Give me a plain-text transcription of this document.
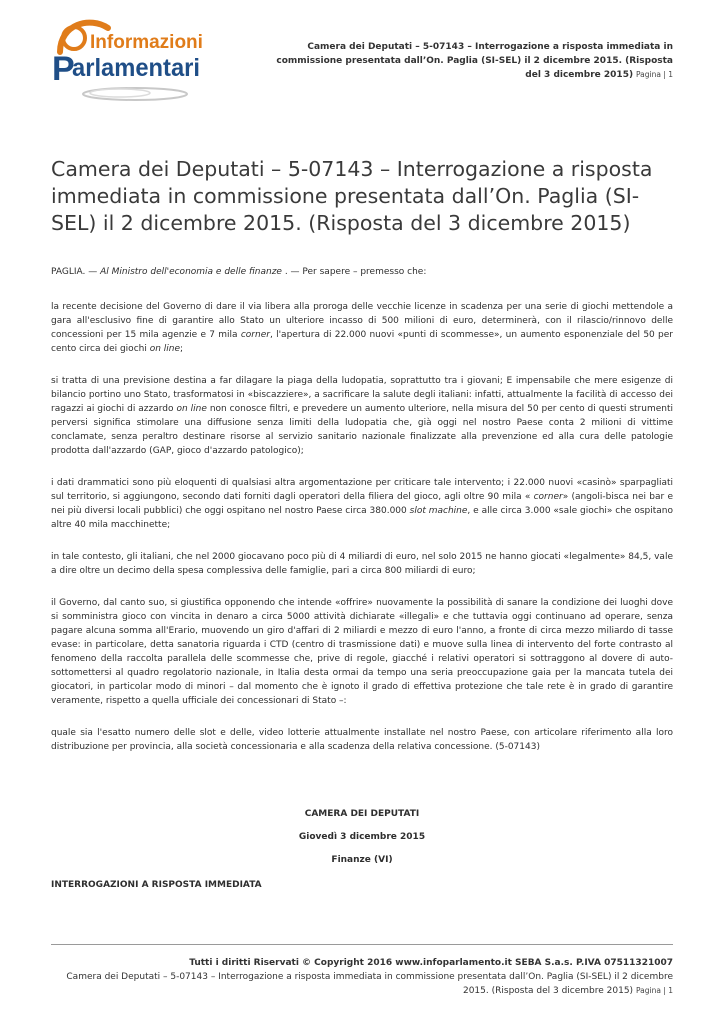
Informazioni
P
arlamentari
Camera dei Deputati – 5-07143 – Interrogazione a risposta immediata in commissione presentata dall’On. Paglia (SI-SEL) il 2 dicembre 2015. (Risposta del 3 dicembre 2015) Pagina | 1
Camera dei Deputati – 5-07143 – Interrogazione a risposta immediata in commissione presentata dall’On. Paglia (SI-SEL) il 2 dicembre 2015. (Risposta del 3 dicembre 2015)

PAGLIA. — Al Ministro dell'economia e delle finanze . — Per sapere – premesso che:

la recente decisione del Governo di dare il via libera alla proroga delle vecchie licenze in scadenza per una serie di giochi mettendole a gara all'esclusivo fine di garantire allo Stato un ulteriore incasso di 500 milioni di euro, determinerà, con il rilascio/rinnovo delle concessioni per 15 mila agenzie e 7 mila corner, l'apertura di 22.000 nuovi «punti di scommesse», un aumento esponenziale del 50 per cento circa dei giochi on line;

si tratta di una previsione destina a far dilagare la piaga della ludopatia, soprattutto tra i giovani; E impensabile che mere esigenze di bilancio portino uno Stato, trasformatosi in «biscazziere», a sacrificare la salute degli italiani: infatti, attualmente la facilità di accesso dei ragazzi ai giochi di azzardo on line non conosce filtri, e prevedere un aumento ulteriore, nella misura del 50 per cento di questi strumenti perversi significa stimolare una diffusione senza limiti della ludopatia che, già oggi nel nostro Paese conta 2 milioni di vittime conclamate, senza peraltro destinare risorse al servizio sanitario nazionale finalizzate alla prevenzione ed alla cura delle patologie prodotta dall'azzardo (GAP, gioco d'azzardo patologico);

i dati drammatici sono più eloquenti di qualsiasi altra argomentazione per criticare tale intervento; i 22.000 nuovi «casinò» sparpagliati sul territorio, si aggiungono, secondo dati forniti dagli operatori della filiera del gioco, agli oltre 90 mila « corner» (angoli-bisca nei bar e nei più diversi locali pubblici) che oggi ospitano nel nostro Paese circa 380.000 slot machine, e alle circa 3.000 «sale giochi» che ospitano altre 40 mila macchinette;

in tale contesto, gli italiani, che nel 2000 giocavano poco più di 4 miliardi di euro, nel solo 2015 ne hanno giocati «legalmente» 84,5, vale a dire oltre un decimo della spesa complessiva delle famiglie, pari a circa 800 miliardi di euro;

il Governo, dal canto suo, si giustifica opponendo che intende «offrire» nuovamente la possibilità di sanare la condizione dei luoghi dove si somministra gioco con vincita in denaro a circa 5000 attività dichiarate «illegali» e che tuttavia oggi continuano ad operare, senza pagare alcuna somma all'Erario, muovendo un giro d'affari di 2 miliardi e mezzo di euro l'anno, a fronte di circa mezzo miliardo di tasse evase: in particolare, detta sanatoria riguarda i CTD (centro di trasmissione dati) e muove sulla linea di intervento del forte contrasto al fenomeno della raccolta parallela delle scommesse che, prive di regole, giacché i relativi operatori si sottraggono al dovere di auto-sottomettersi al quadro regolatorio nazionale, in Italia desta ormai da tempo una seria preoccupazione gaia per la mancata tutela dei giocatori, in particolar modo di minori – dal momento che è ignoto il grado di effettiva protezione che tale rete è in grado di garantire veramente, rispetto a quella ufficiale dei concessionari di Stato –:

quale sia l'esatto numero delle slot e delle, video lotterie attualmente installate nel nostro Paese, con articolare riferimento alla loro distribuzione per provincia, alla società concessionaria e alla scadenza della relativa concessione. (5-07143)

CAMERA DEI DEPUTATI

Giovedì 3 dicembre 2015

Finanze (VI)

INTERROGAZIONI A RISPOSTA IMMEDIATA

Tutti i diritti Riservati © Copyright 2016 www.infoparlamento.it SEBA S.a.s. P.IVA 07511321007
Camera dei Deputati – 5-07143 – Interrogazione a risposta immediata in commissione presentata dall’On. Paglia (SI-SEL) il 2 dicembre 2015. (Risposta del 3 dicembre 2015) Pagina | 1
